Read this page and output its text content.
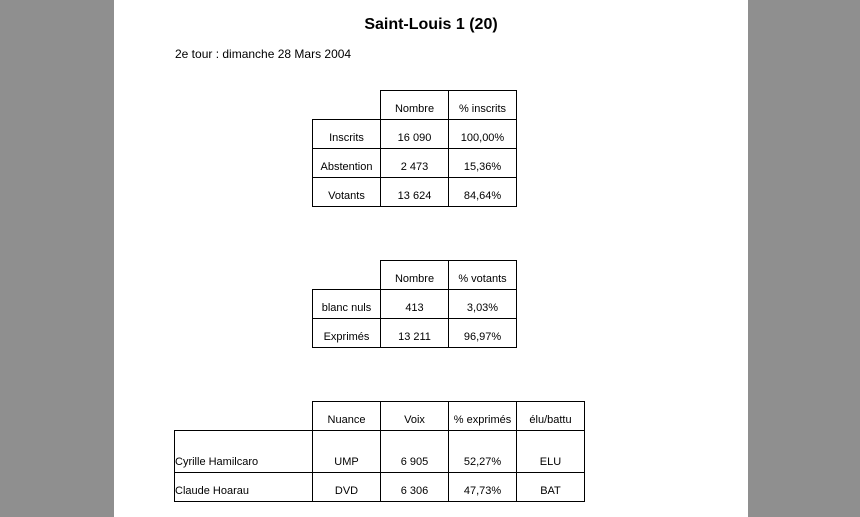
Saint-Louis 1 (20)
2e tour : dimanche 28 Mars 2004
	Nombre	% inscrits
Inscrits	16 090	100,00%
Abstention	2 473	15,36%
Votants	13 624	84,64%
	Nombre	% votants
blanc nuls	413	3,03%
Exprimés	13 211	96,97%
	Nuance	Voix	% exprimés	élu/battu
Cyrille Hamilcaro	UMP	6 905	52,27%	ELU
Claude Hoarau	DVD	6 306	47,73%	BAT
